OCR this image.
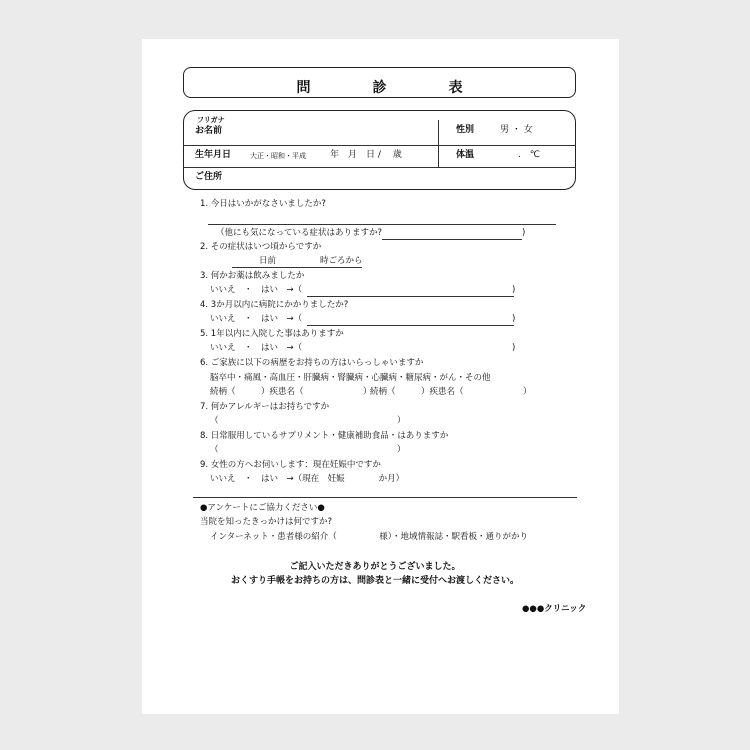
問　診　表
フリガナ
お名前	性別	男 ・ 女
生年月日	大正・昭和・平成	年　月　日 /　 歳	体温	.　℃
ご住所
1. 今日はいかがなさいましたか?
（他にも気になっている症状はありますか?	)
2. その症状はいつ頃からですか
日前	時ごろから
3. 何かお薬は飲みましたか
いいえ　・　はい　→（	)
4. 3か月以内に病院にかかりましたか?
いいえ　・　はい　→（	)
5. 1年以内に入院した事はありますか
いいえ　・　はい　→（	)
6. ご家族に以下の病歴をお持ちの方はいらっしゃいますか
脳卒中・痛風・高血圧・肝臓病・腎臓病・心臓病・糖尿病・がん・その他
続柄（　　　）疾患名（　　　　　　　）
続柄（　　　）疾患名（　　　　　　　）
7. 何かアレルギーはお持ちですか
（　　　　　　　　　　　　　　　　　　　　　）
8. 日常服用しているサプリメント・健康補助食品・はありますか
（　　　　　　　　　　　　　　　　　　　　　）
9. 女性の方へお伺いします：現在妊娠中ですか
いいえ　・　はい　→（現在　妊娠　　　　か月）
●アンケートにご協力ください●
当院を知ったきっかけは何ですか?
インターネット・患者様の紹介（　　　　　様）・地域情報誌・駅看板・通りがかり
ご記入いただきありがとうございました。
おくすり手帳をお持ちの方は、問診表と一緒に受付へお渡しください。
●●●クリニック
